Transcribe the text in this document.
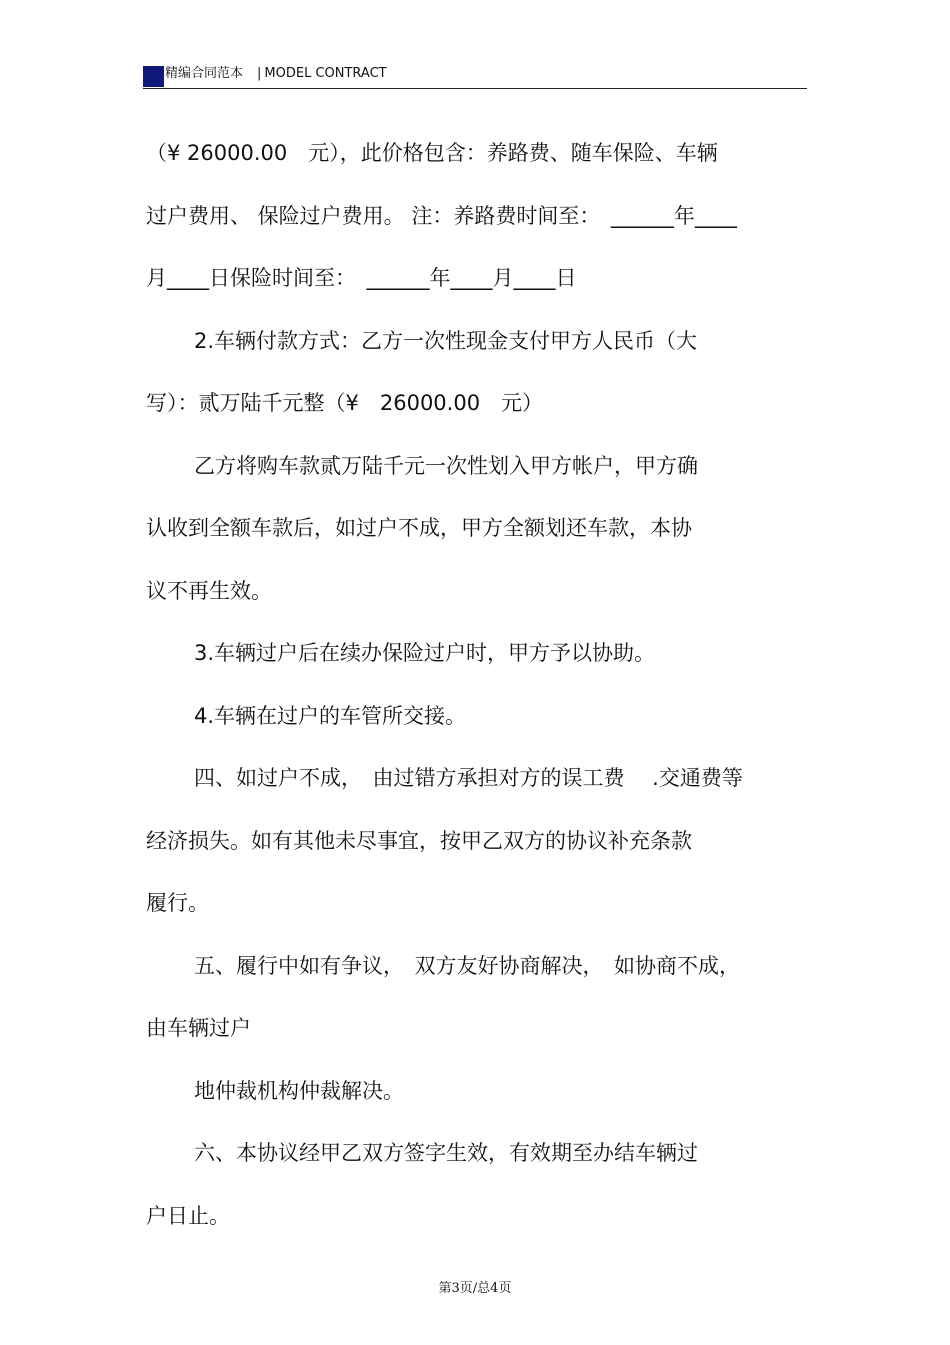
精编合同范本 | MODEL CONTRACT
（¥ 26000.00　元），此价格包含：养路费、随车保险、车辆
过户费用、 保险过户费用。 注：养路费时间至：　______年____
月____日保险时间至：　______年____月____日
2.车辆付款方式：乙方一次性现金支付甲方人民币（大
写）：贰万陆千元整（¥　26000.00　元）
乙方将购车款贰万陆千元一次性划入甲方帐户，甲方确
认收到全额车款后，如过户不成，甲方全额划还车款，本协
议不再生效。
3.车辆过户后在续办保险过户时，甲方予以协助。
4.车辆在过户的车管所交接。
四、如过户不成，　由过错方承担对方的误工费　 .交通费等
经济损失。如有其他未尽事宜，按甲乙双方的协议补充条款
履行。
五、履行中如有争议，　双方友好协商解决，　如协商不成，
由车辆过户
地仲裁机构仲裁解决。
六、本协议经甲乙双方签字生效，有效期至办结车辆过
户日止。
第3页/总4页
